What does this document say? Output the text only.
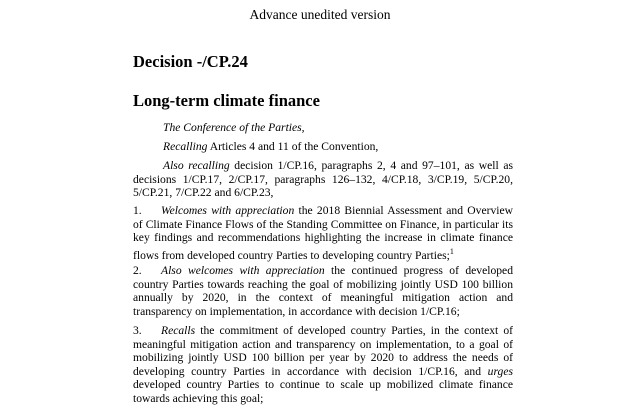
Advance unedited version
Decision -/CP.24
Long-term climate finance
The Conference of the Parties,
Recalling Articles 4 and 11 of the Convention,
Also recalling decision 1/CP.16, paragraphs 2, 4 and 97–101, as well as decisions 1/CP.17, 2/CP.17, paragraphs 126–132, 4/CP.18, 3/CP.19, 5/CP.20, 5/CP.21, 7/CP.22 and 6/CP.23,
1. Welcomes with appreciation the 2018 Biennial Assessment and Overview of Climate Finance Flows of the Standing Committee on Finance, in particular its key findings and recommendations highlighting the increase in climate finance flows from developed country Parties to developing country Parties;$^1$
2. Also welcomes with appreciation the continued progress of developed country Parties towards reaching the goal of mobilizing jointly USD 100 billion annually by 2020, in the context of meaningful mitigation action and transparency on implementation, in accordance with decision 1/CP.16;
3. Recalls the commitment of developed country Parties, in the context of meaningful mitigation action and transparency on implementation, to a goal of mobilizing jointly USD 100 billion per year by 2020 to address the needs of developing country Parties in accordance with decision 1/CP.16, and urges developed country Parties to continue to scale up mobilized climate finance towards achieving this goal;
